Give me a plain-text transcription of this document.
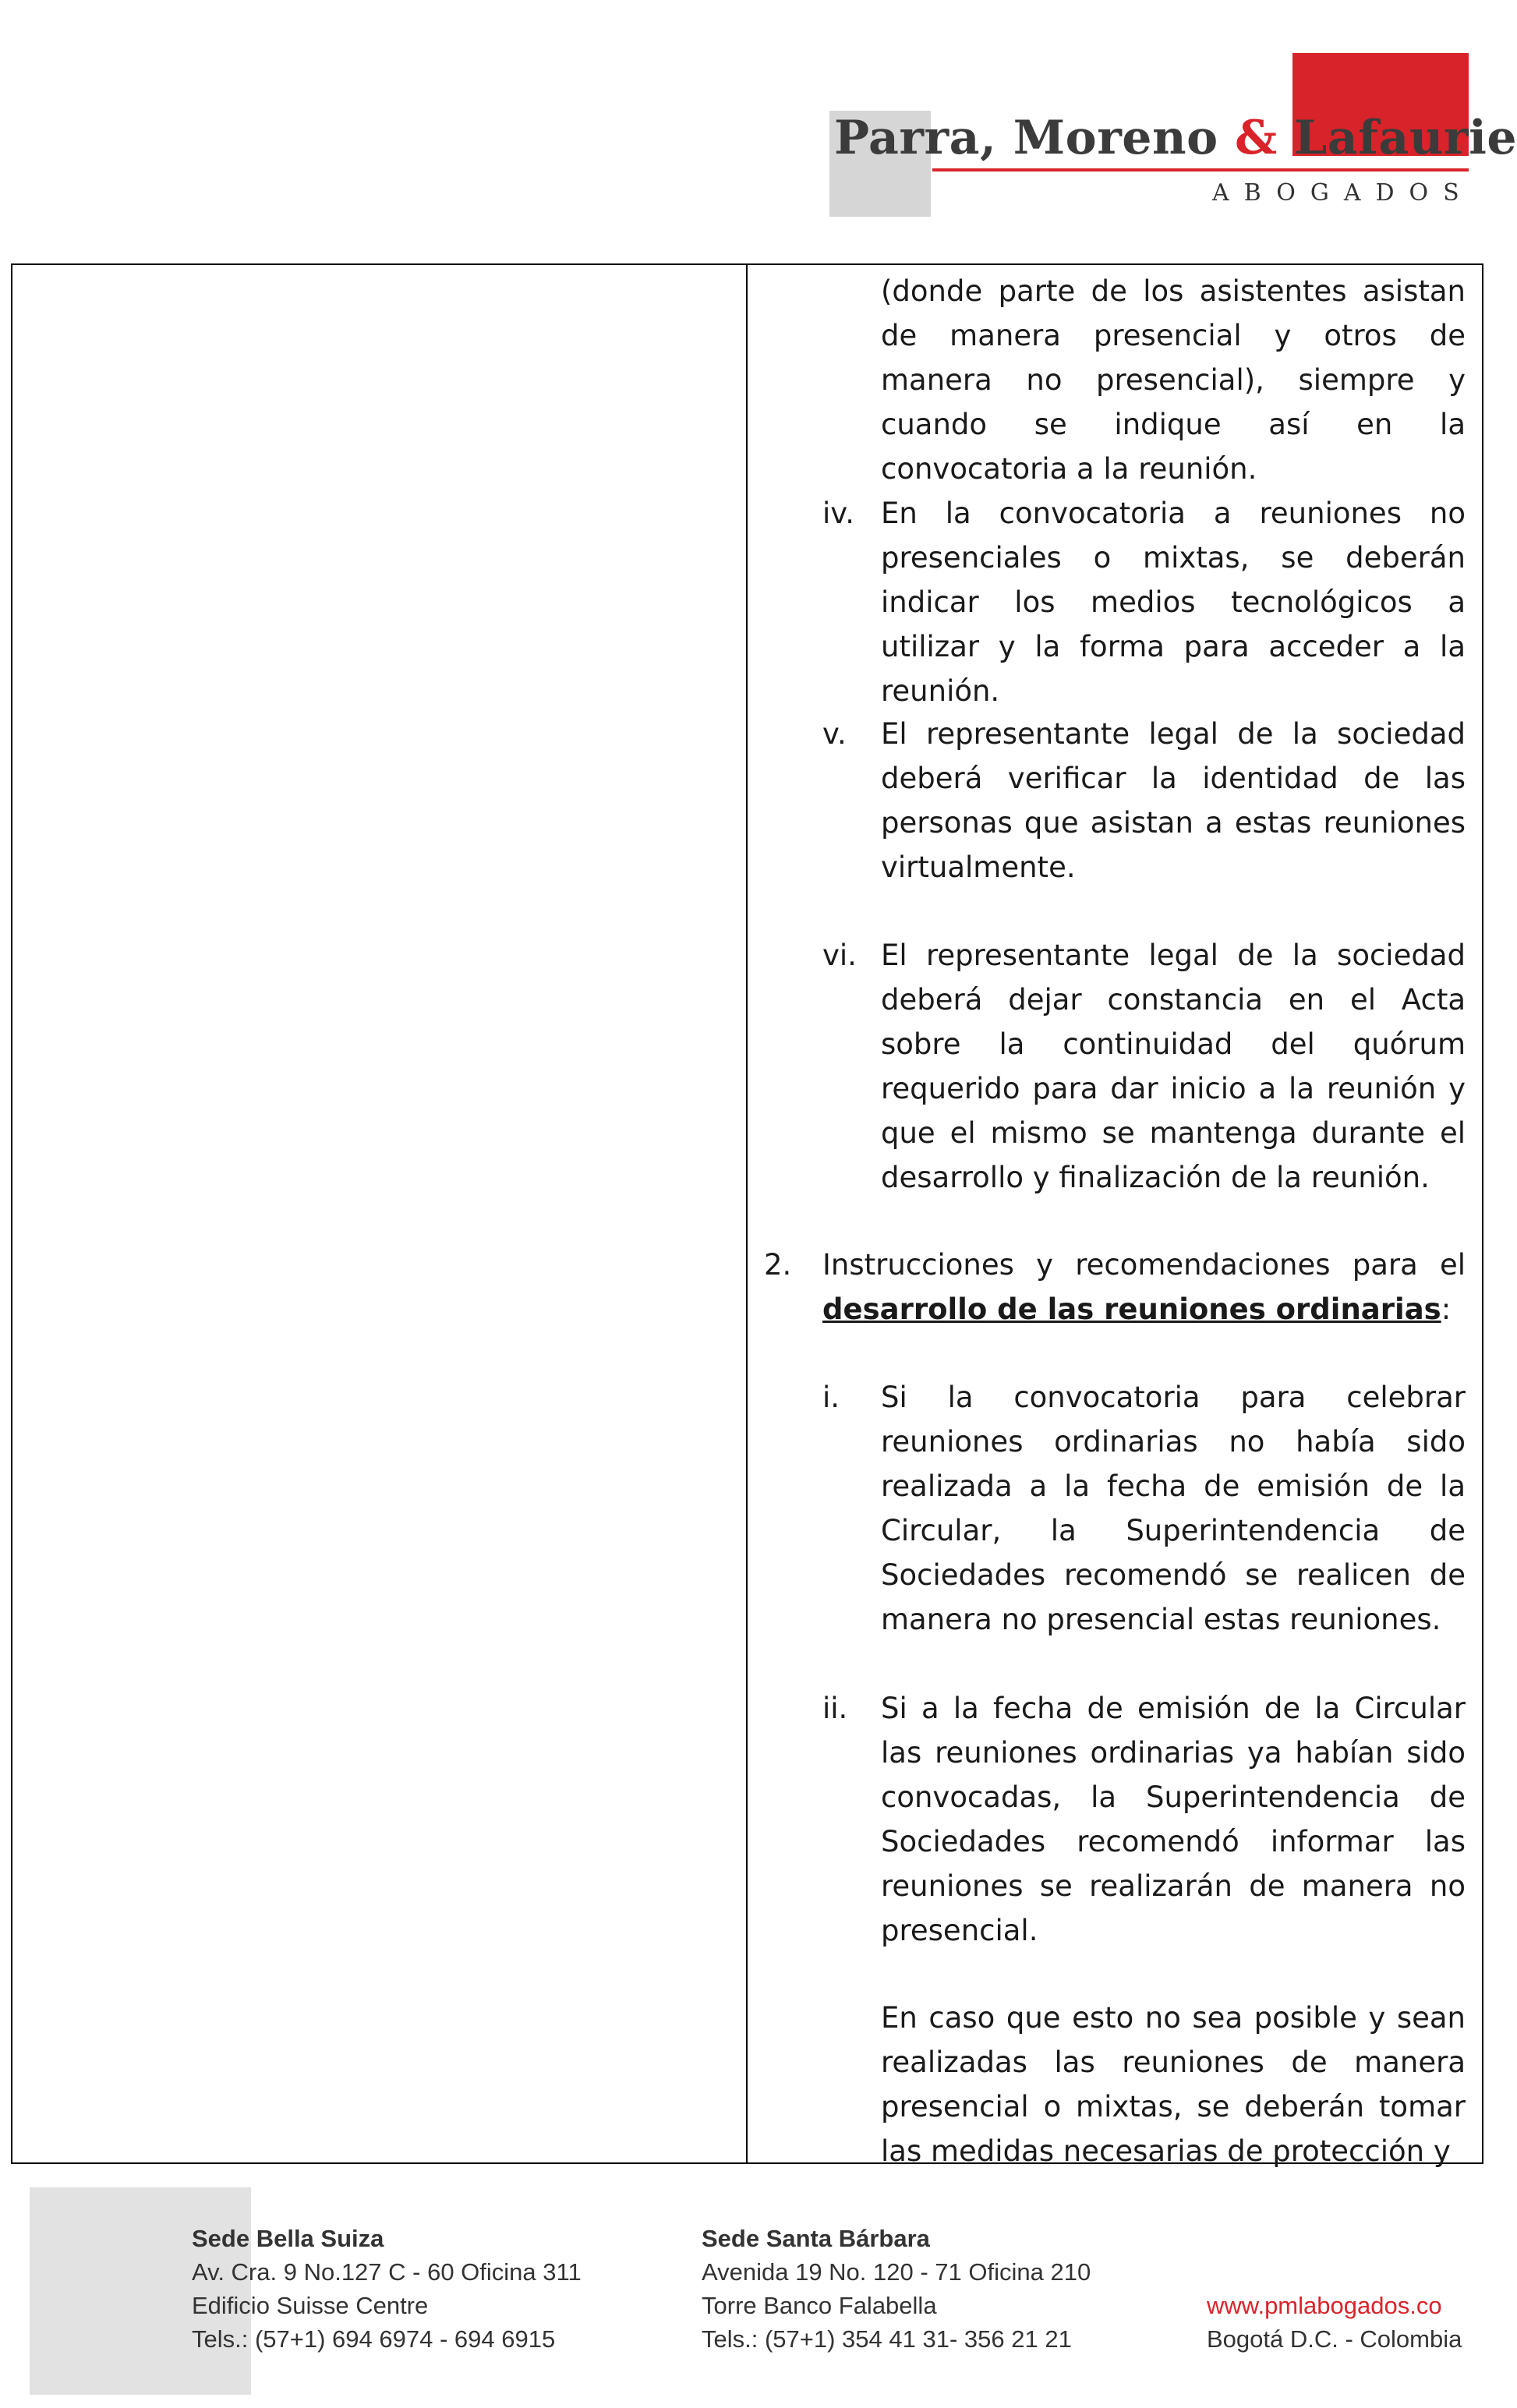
Parra, Moreno & Lafaurie
ABOGADOS

(donde parte de los asistentes asistan de manera presencial y otros de manera no presencial), siempre y cuando se indique así en la convocatoria a la reunión.

iv. En la convocatoria a reuniones no presenciales o mixtas, se deberán indicar los medios tecnológicos a utilizar y la forma para acceder a la reunión.

v. El representante legal de la sociedad deberá verificar la identidad de las personas que asistan a estas reuniones virtualmente.

vi. El representante legal de la sociedad deberá dejar constancia en el Acta sobre la continuidad del quórum requerido para dar inicio a la reunión y que el mismo se mantenga durante el desarrollo y finalización de la reunión.

2. Instrucciones y recomendaciones para el desarrollo de las reuniones ordinarias:

i. Si la convocatoria para celebrar reuniones ordinarias no había sido realizada a la fecha de emisión de la Circular, la Superintendencia de Sociedades recomendó se realicen de manera no presencial estas reuniones.

ii. Si a la fecha de emisión de la Circular las reuniones ordinarias ya habían sido convocadas, la Superintendencia de Sociedades recomendó informar las reuniones se realizarán de manera no presencial.

En caso que esto no sea posible y sean realizadas las reuniones de manera presencial o mixtas, se deberán tomar las medidas necesarias de protección y

Sede Bella Suiza
Av. Cra. 9 No.127 C - 60 Oficina 311
Edificio Suisse Centre
Tels.: (57+1) 694 6974 - 694 6915
Sede Santa Bárbara
Avenida 19 No. 120 - 71 Oficina 210
Torre Banco Falabella
Tels.: (57+1) 354 41 31- 356 21 21
www.pmlabogados.co
Bogotá D.C. - Colombia
